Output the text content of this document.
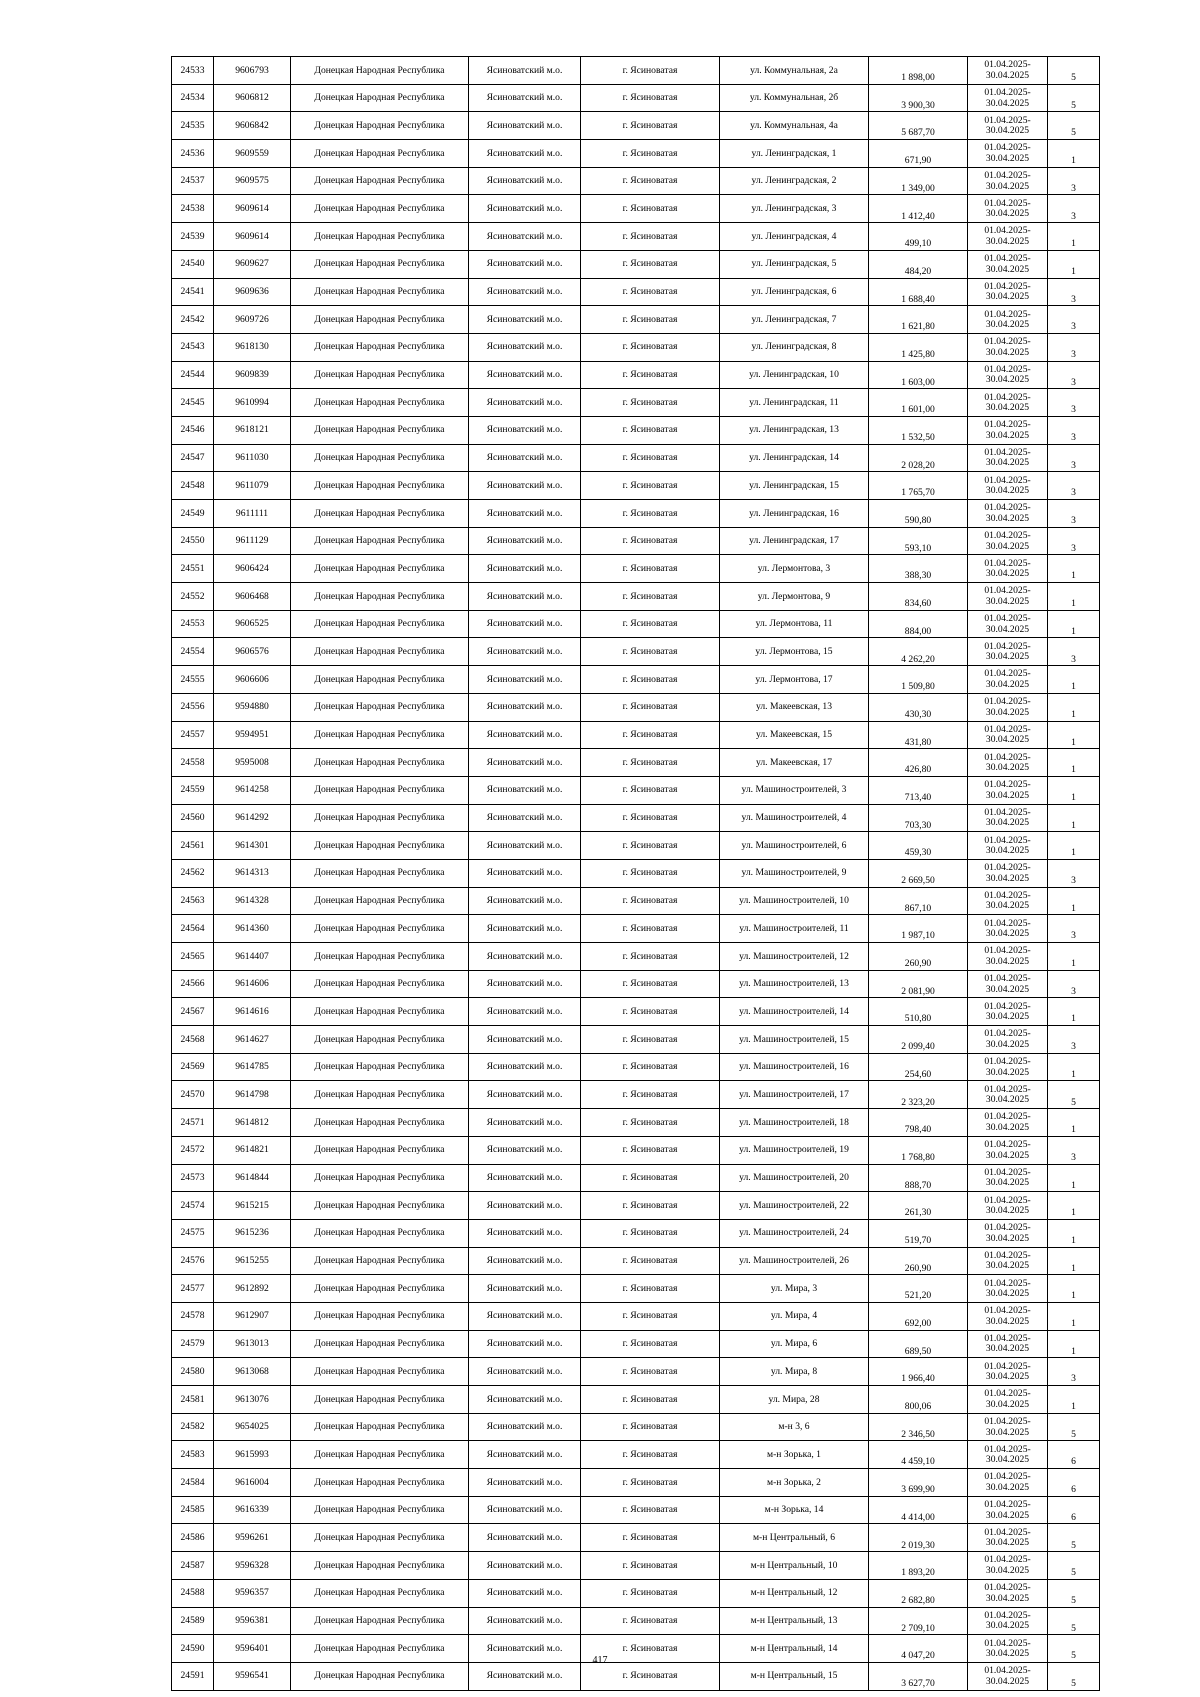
24533	9606793	Донецкая Народная Республика	Ясиноватский м.о.	г. Ясиноватая	ул. Коммунальная, 2а	1 898,00	01.04.2025-
30.04.2025	5
24534	9606812	Донецкая Народная Республика	Ясиноватский м.о.	г. Ясиноватая	ул. Коммунальная, 2б	3 900,30	01.04.2025-
30.04.2025	5
24535	9606842	Донецкая Народная Республика	Ясиноватский м.о.	г. Ясиноватая	ул. Коммунальная, 4а	5 687,70	01.04.2025-
30.04.2025	5
24536	9609559	Донецкая Народная Республика	Ясиноватский м.о.	г. Ясиноватая	ул. Ленинградская, 1	671,90	01.04.2025-
30.04.2025	1
24537	9609575	Донецкая Народная Республика	Ясиноватский м.о.	г. Ясиноватая	ул. Ленинградская, 2	1 349,00	01.04.2025-
30.04.2025	3
24538	9609614	Донецкая Народная Республика	Ясиноватский м.о.	г. Ясиноватая	ул. Ленинградская, 3	1 412,40	01.04.2025-
30.04.2025	3
24539	9609614	Донецкая Народная Республика	Ясиноватский м.о.	г. Ясиноватая	ул. Ленинградская, 4	499,10	01.04.2025-
30.04.2025	1
24540	9609627	Донецкая Народная Республика	Ясиноватский м.о.	г. Ясиноватая	ул. Ленинградская, 5	484,20	01.04.2025-
30.04.2025	1
24541	9609636	Донецкая Народная Республика	Ясиноватский м.о.	г. Ясиноватая	ул. Ленинградская, 6	1 688,40	01.04.2025-
30.04.2025	3
24542	9609726	Донецкая Народная Республика	Ясиноватский м.о.	г. Ясиноватая	ул. Ленинградская, 7	1 621,80	01.04.2025-
30.04.2025	3
24543	9618130	Донецкая Народная Республика	Ясиноватский м.о.	г. Ясиноватая	ул. Ленинградская, 8	1 425,80	01.04.2025-
30.04.2025	3
24544	9609839	Донецкая Народная Республика	Ясиноватский м.о.	г. Ясиноватая	ул. Ленинградская, 10	1 603,00	01.04.2025-
30.04.2025	3
24545	9610994	Донецкая Народная Республика	Ясиноватский м.о.	г. Ясиноватая	ул. Ленинградская, 11	1 601,00	01.04.2025-
30.04.2025	3
24546	9618121	Донецкая Народная Республика	Ясиноватский м.о.	г. Ясиноватая	ул. Ленинградская, 13	1 532,50	01.04.2025-
30.04.2025	3
24547	9611030	Донецкая Народная Республика	Ясиноватский м.о.	г. Ясиноватая	ул. Ленинградская, 14	2 028,20	01.04.2025-
30.04.2025	3
24548	9611079	Донецкая Народная Республика	Ясиноватский м.о.	г. Ясиноватая	ул. Ленинградская, 15	1 765,70	01.04.2025-
30.04.2025	3
24549	9611111	Донецкая Народная Республика	Ясиноватский м.о.	г. Ясиноватая	ул. Ленинградская, 16	590,80	01.04.2025-
30.04.2025	3
24550	9611129	Донецкая Народная Республика	Ясиноватский м.о.	г. Ясиноватая	ул. Ленинградская, 17	593,10	01.04.2025-
30.04.2025	3
24551	9606424	Донецкая Народная Республика	Ясиноватский м.о.	г. Ясиноватая	ул. Лермонтова, 3	388,30	01.04.2025-
30.04.2025	1
24552	9606468	Донецкая Народная Республика	Ясиноватский м.о.	г. Ясиноватая	ул. Лермонтова, 9	834,60	01.04.2025-
30.04.2025	1
24553	9606525	Донецкая Народная Республика	Ясиноватский м.о.	г. Ясиноватая	ул. Лермонтова, 11	884,00	01.04.2025-
30.04.2025	1
24554	9606576	Донецкая Народная Республика	Ясиноватский м.о.	г. Ясиноватая	ул. Лермонтова, 15	4 262,20	01.04.2025-
30.04.2025	3
24555	9606606	Донецкая Народная Республика	Ясиноватский м.о.	г. Ясиноватая	ул. Лермонтова, 17	1 509,80	01.04.2025-
30.04.2025	1
24556	9594880	Донецкая Народная Республика	Ясиноватский м.о.	г. Ясиноватая	ул. Макеевская, 13	430,30	01.04.2025-
30.04.2025	1
24557	9594951	Донецкая Народная Республика	Ясиноватский м.о.	г. Ясиноватая	ул. Макеевская, 15	431,80	01.04.2025-
30.04.2025	1
24558	9595008	Донецкая Народная Республика	Ясиноватский м.о.	г. Ясиноватая	ул. Макеевская, 17	426,80	01.04.2025-
30.04.2025	1
24559	9614258	Донецкая Народная Республика	Ясиноватский м.о.	г. Ясиноватая	ул. Машиностроителей, 3	713,40	01.04.2025-
30.04.2025	1
24560	9614292	Донецкая Народная Республика	Ясиноватский м.о.	г. Ясиноватая	ул. Машиностроителей, 4	703,30	01.04.2025-
30.04.2025	1
24561	9614301	Донецкая Народная Республика	Ясиноватский м.о.	г. Ясиноватая	ул. Машиностроителей, 6	459,30	01.04.2025-
30.04.2025	1
24562	9614313	Донецкая Народная Республика	Ясиноватский м.о.	г. Ясиноватая	ул. Машиностроителей, 9	2 669,50	01.04.2025-
30.04.2025	3
24563	9614328	Донецкая Народная Республика	Ясиноватский м.о.	г. Ясиноватая	ул. Машиностроителей, 10	867,10	01.04.2025-
30.04.2025	1
24564	9614360	Донецкая Народная Республика	Ясиноватский м.о.	г. Ясиноватая	ул. Машиностроителей, 11	1 987,10	01.04.2025-
30.04.2025	3
24565	9614407	Донецкая Народная Республика	Ясиноватский м.о.	г. Ясиноватая	ул. Машиностроителей, 12	260,90	01.04.2025-
30.04.2025	1
24566	9614606	Донецкая Народная Республика	Ясиноватский м.о.	г. Ясиноватая	ул. Машиностроителей, 13	2 081,90	01.04.2025-
30.04.2025	3
24567	9614616	Донецкая Народная Республика	Ясиноватский м.о.	г. Ясиноватая	ул. Машиностроителей, 14	510,80	01.04.2025-
30.04.2025	1
24568	9614627	Донецкая Народная Республика	Ясиноватский м.о.	г. Ясиноватая	ул. Машиностроителей, 15	2 099,40	01.04.2025-
30.04.2025	3
24569	9614785	Донецкая Народная Республика	Ясиноватский м.о.	г. Ясиноватая	ул. Машиностроителей, 16	254,60	01.04.2025-
30.04.2025	1
24570	9614798	Донецкая Народная Республика	Ясиноватский м.о.	г. Ясиноватая	ул. Машиностроителей, 17	2 323,20	01.04.2025-
30.04.2025	5
24571	9614812	Донецкая Народная Республика	Ясиноватский м.о.	г. Ясиноватая	ул. Машиностроителей, 18	798,40	01.04.2025-
30.04.2025	1
24572	9614821	Донецкая Народная Республика	Ясиноватский м.о.	г. Ясиноватая	ул. Машиностроителей, 19	1 768,80	01.04.2025-
30.04.2025	3
24573	9614844	Донецкая Народная Республика	Ясиноватский м.о.	г. Ясиноватая	ул. Машиностроителей, 20	888,70	01.04.2025-
30.04.2025	1
24574	9615215	Донецкая Народная Республика	Ясиноватский м.о.	г. Ясиноватая	ул. Машиностроителей, 22	261,30	01.04.2025-
30.04.2025	1
24575	9615236	Донецкая Народная Республика	Ясиноватский м.о.	г. Ясиноватая	ул. Машиностроителей, 24	519,70	01.04.2025-
30.04.2025	1
24576	9615255	Донецкая Народная Республика	Ясиноватский м.о.	г. Ясиноватая	ул. Машиностроителей, 26	260,90	01.04.2025-
30.04.2025	1
24577	9612892	Донецкая Народная Республика	Ясиноватский м.о.	г. Ясиноватая	ул. Мира, 3	521,20	01.04.2025-
30.04.2025	1
24578	9612907	Донецкая Народная Республика	Ясиноватский м.о.	г. Ясиноватая	ул. Мира, 4	692,00	01.04.2025-
30.04.2025	1
24579	9613013	Донецкая Народная Республика	Ясиноватский м.о.	г. Ясиноватая	ул. Мира, 6	689,50	01.04.2025-
30.04.2025	1
24580	9613068	Донецкая Народная Республика	Ясиноватский м.о.	г. Ясиноватая	ул. Мира, 8	1 966,40	01.04.2025-
30.04.2025	3
24581	9613076	Донецкая Народная Республика	Ясиноватский м.о.	г. Ясиноватая	ул. Мира, 28	800,06	01.04.2025-
30.04.2025	1
24582	9654025	Донецкая Народная Республика	Ясиноватский м.о.	г. Ясиноватая	м-н 3, 6	2 346,50	01.04.2025-
30.04.2025	5
24583	9615993	Донецкая Народная Республика	Ясиноватский м.о.	г. Ясиноватая	м-н Зорька, 1	4 459,10	01.04.2025-
30.04.2025	6
24584	9616004	Донецкая Народная Республика	Ясиноватский м.о.	г. Ясиноватая	м-н Зорька, 2	3 699,90	01.04.2025-
30.04.2025	6
24585	9616339	Донецкая Народная Республика	Ясиноватский м.о.	г. Ясиноватая	м-н Зорька, 14	4 414,00	01.04.2025-
30.04.2025	6
24586	9596261	Донецкая Народная Республика	Ясиноватский м.о.	г. Ясиноватая	м-н Центральный, 6	2 019,30	01.04.2025-
30.04.2025	5
24587	9596328	Донецкая Народная Республика	Ясиноватский м.о.	г. Ясиноватая	м-н Центральный, 10	1 893,20	01.04.2025-
30.04.2025	5
24588	9596357	Донецкая Народная Республика	Ясиноватский м.о.	г. Ясиноватая	м-н Центральный, 12	2 682,80	01.04.2025-
30.04.2025	5
24589	9596381	Донецкая Народная Республика	Ясиноватский м.о.	г. Ясиноватая	м-н Центральный, 13	2 709,10	01.04.2025-
30.04.2025	5
24590	9596401	Донецкая Народная Республика	Ясиноватский м.о.	г. Ясиноватая	м-н Центральный, 14	4 047,20	01.04.2025-
30.04.2025	5
24591	9596541	Донецкая Народная Республика	Ясиноватский м.о.	г. Ясиноватая	м-н Центральный, 15	3 627,70	01.04.2025-
30.04.2025	5
417
